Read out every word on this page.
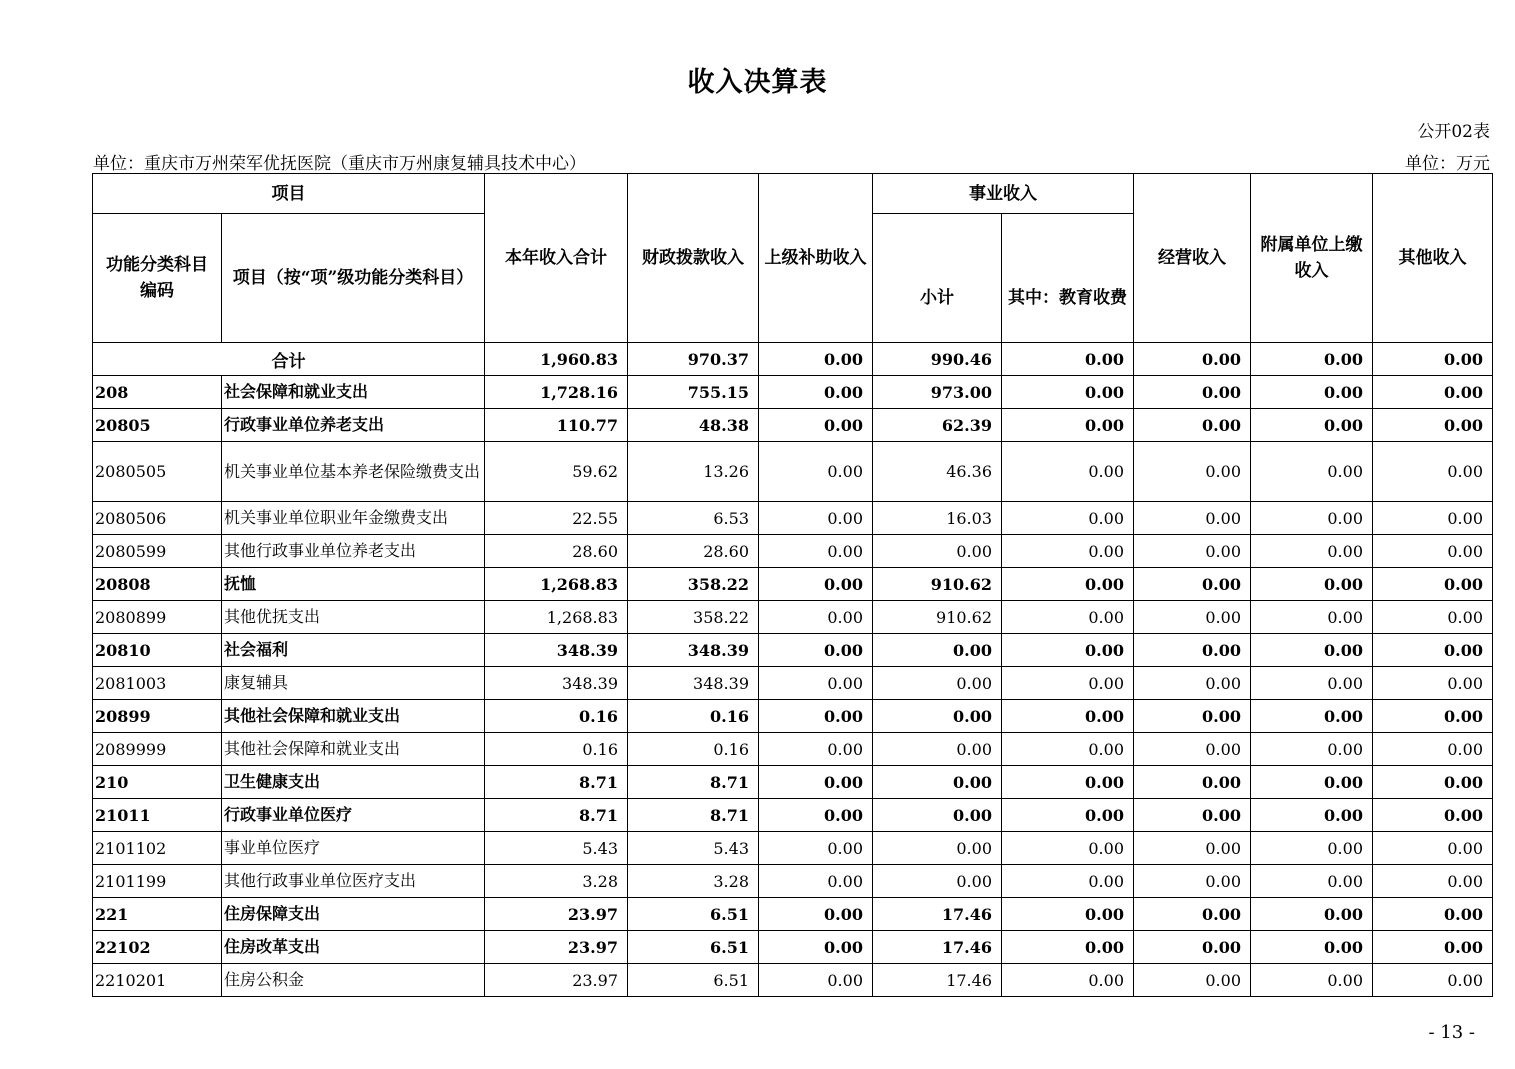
收入决算表
公开02表
单位：重庆市万州荣军优抚医院（重庆市万州康复辅具技术中心）	单位：万元
项目		本年收入合计	财政拨款收入	上级补助收入	事业收入		经营收入	附属单位上缴收入	其他收入
功能分类科目编码	项目（按“项”级功能分类科目）				小计	其中：教育收费			
合计		1,960.83	970.37	0.00	990.46	0.00	0.00	0.00	0.00
208	社会保障和就业支出	1,728.16	755.15	0.00	973.00	0.00	0.00	0.00	0.00
20805	行政事业单位养老支出	110.77	48.38	0.00	62.39	0.00	0.00	0.00	0.00
2080505	机关事业单位基本养老保险缴费支出	59.62	13.26	0.00	46.36	0.00	0.00	0.00	0.00
2080506	机关事业单位职业年金缴费支出	22.55	6.53	0.00	16.03	0.00	0.00	0.00	0.00
2080599	其他行政事业单位养老支出	28.60	28.60	0.00	0.00	0.00	0.00	0.00	0.00
20808	抚恤	1,268.83	358.22	0.00	910.62	0.00	0.00	0.00	0.00
2080899	其他优抚支出	1,268.83	358.22	0.00	910.62	0.00	0.00	0.00	0.00
20810	社会福利	348.39	348.39	0.00	0.00	0.00	0.00	0.00	0.00
2081003	康复辅具	348.39	348.39	0.00	0.00	0.00	0.00	0.00	0.00
20899	其他社会保障和就业支出	0.16	0.16	0.00	0.00	0.00	0.00	0.00	0.00
2089999	其他社会保障和就业支出	0.16	0.16	0.00	0.00	0.00	0.00	0.00	0.00
210	卫生健康支出	8.71	8.71	0.00	0.00	0.00	0.00	0.00	0.00
21011	行政事业单位医疗	8.71	8.71	0.00	0.00	0.00	0.00	0.00	0.00
2101102	事业单位医疗	5.43	5.43	0.00	0.00	0.00	0.00	0.00	0.00
2101199	其他行政事业单位医疗支出	3.28	3.28	0.00	0.00	0.00	0.00	0.00	0.00
221	住房保障支出	23.97	6.51	0.00	17.46	0.00	0.00	0.00	0.00
22102	住房改革支出	23.97	6.51	0.00	17.46	0.00	0.00	0.00	0.00
2210201	住房公积金	23.97	6.51	0.00	17.46	0.00	0.00	0.00	0.00
- 13 -
